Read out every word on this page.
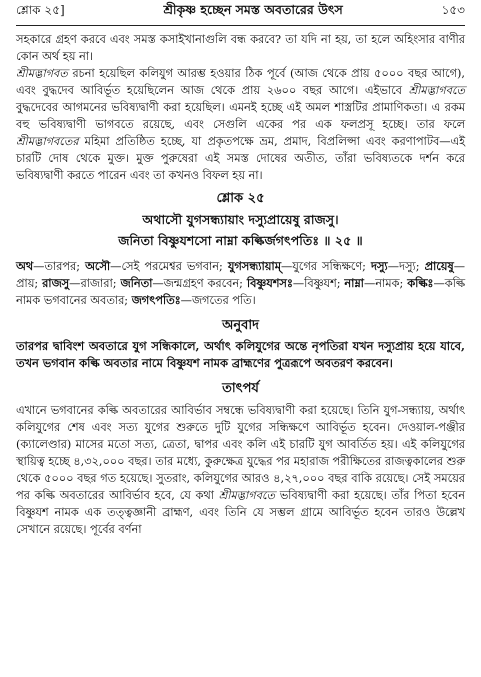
শ্লোক ২৫]	শ্রীকৃষ্ণ হচ্ছেন সমস্ত অবতারের উৎস	১৫৩

সহকারে গ্রহণ করবে এবং সমস্ত কসাইখানাগুলি বন্ধ করবে? তা যদি না হয়, তা হলে অহিংসার বাণীর কোন অর্থ হয় না।

শ্রীমদ্ভাগবত রচনা হয়েছিল কলিযুগ আরম্ভ হওয়ার ঠিক পূর্বে (আজ থেকে প্রায় ৫০০০ বছর আগে), এবং বুদ্ধদেব আবির্ভূত হয়েছিলেন আজ থেকে প্রায় ২৬০০ বছর আগে। এইভাবে শ্রীমদ্ভাগবতে বুদ্ধদেবের আগমনের ভবিষ্যদ্বাণী করা হয়েছিল। এমনই হচ্ছে এই অমল শাস্ত্রটির প্রামাণিকতা। এ রকম বহু ভবিষ্যদ্বাণী ভাগবতে রয়েছে, এবং সেগুলি একের পর এক ফলপ্রসূ হচ্ছে। তার ফলে শ্রীমদ্ভাগবতের মহিমা প্রতিষ্ঠিত হচ্ছে, যা প্রকৃতপক্ষে ভ্রম, প্রমাদ, বিপ্রলিপ্সা এবং করণাপাটব—এই চারটি দোষ থেকে মুক্ত। মুক্ত পুরুষেরা এই সমস্ত দোষের অতীত, তাঁরা ভবিষ্যতকে দর্শন করে ভবিষ্যদ্বাণী করতে পারেন এবং তা কখনও বিফল হয় না।

শ্লোক ২৫
অথাসৌ যুগসন্ধ্যায়াং দস্যুপ্রায়েষু রাজসু।
জনিতা বিষ্ণুযশসো নাম্না কল্কির্জগৎপতিঃ ॥ ২৫ ॥

অথ—তারপর; অসৌ—সেই পরমেশ্বর ভগবান; যুগসন্ধ্যায়াম্—যুগের সন্ধিক্ষণে; দস্যু—দস্যু; প্রায়েষু—প্রায়; রাজসু—রাজারা; জনিতা—জন্মগ্রহণ করবেন; বিষ্ণুযশসঃ—বিষ্ণুযশ; নাম্না—নামক; কল্কিঃ—কল্কি নামক ভগবানের অবতার; জগৎপতিঃ—জগতের পতি।

অনুবাদ

তারপর দ্বাবিংশ অবতারে যুগ সন্ধিকালে, অর্থাৎ কলিযুগের অন্তে নৃপতিরা যখন দস্যুপ্রায় হয়ে যাবে, তখন ভগবান কল্কি অবতার নামে বিষ্ণুযশ নামক ব্রাহ্মণের পুত্ররূপে অবতরণ করবেন।

তাৎপর্য

এখানে ভগবানের কল্কি অবতারের আবির্ভাব সম্বন্ধে ভবিষ্যদ্বাণী করা হয়েছে। তিনি যুগ-সন্ধ্যায়, অর্থাৎ কলিযুগের শেষ এবং সত্য যুগের শুরুতে দুটি যুগের সন্ধিক্ষণে আবির্ভূত হবেন। দেওয়াল-পঞ্জীর (ক্যালেণ্ডার) মাসের মতো সত্য, ত্রেতা, দ্বাপর এবং কলি এই চারটি যুগ আবর্তিত হয়। এই কলিযুগের স্থায়িত্ব হচ্ছে ৪,৩২,০০০ বছর। তার মধ্যে, কুরুক্ষেত্র যুদ্ধের পর মহারাজ পরীক্ষিতের রাজত্বকালের শুরু থেকে ৫০০০ বছর গত হয়েছে। সুতরাং, কলিযুগের আরও ৪,২৭,০০০ বছর বাকি রয়েছে। সেই সময়ের পর কল্কি অবতারের আবির্ভাব হবে, যে কথা শ্রীমদ্ভাগবতে ভবিষ্যদ্বাণী করা হয়েছে। তাঁর পিতা হবেন বিষ্ণুযশ নামক এক তত্ত্বজ্ঞানী ব্রাহ্মণ, এবং তিনি যে সম্ভল গ্রামে আবির্ভূত হবেন তারও উল্লেখ সেখানে রয়েছে। পূর্বের বর্ণনা
